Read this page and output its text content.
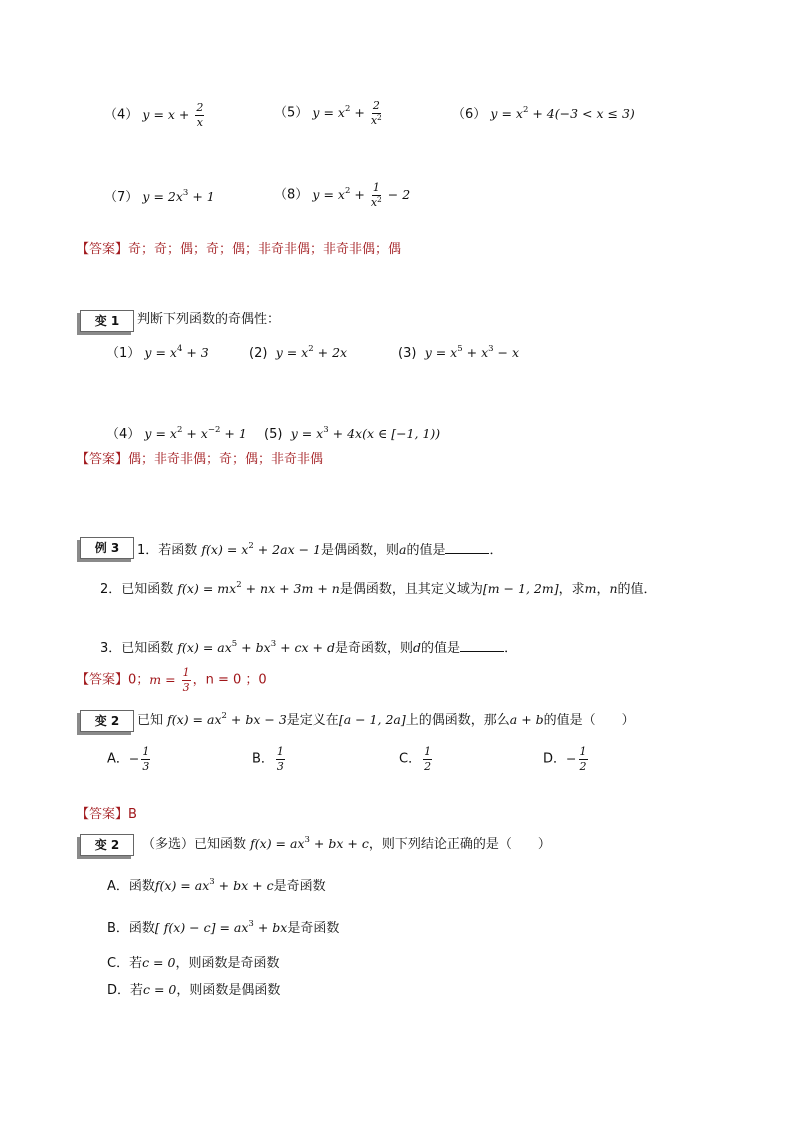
（4） $y = x + \frac{2}{x}$	（5） $y = x^2 + \frac{2}{x^2}$	（6） $y = x^2 + 4(-3 < x \le 3)$
（7） $y = 2x^3 + 1$	（8） $y = x^2 + \frac{1}{x^2} - 2$
【答案】奇；奇；偶；奇；偶；非奇非偶；非奇非偶；偶
变 1	判断下列函数的奇偶性：
（1） $y = x^4 + 3$	(2) $y = x^2 + 2x$	(3) $y = x^5 + x^3 - x$
（4） $y = x^2 + x^{-2} + 1$ (5) $y = x^3 + 4x(x$ ∈ [−1, 1))
【答案】偶；非奇非偶；奇；偶；非奇非偶
例 3	1．若函数 $f(x) = x^2 + 2ax - 1$是偶函数，则a的值是	．
2．已知函数 $f(x) = mx^2$ + nx + 3m + n是偶函数，且其定义域为[m − 1, 2m]，求m，n的值．
3．已知函数 $f(x) = ax^5 + bx^3$ + cx + d是奇函数，则d的值是	．
【答案】0；$m = \frac{1}{3}$ ，n = 0 ；0
变 2	已知 $f(x) = ax^2$ + bx − 3是定义在[a − 1, 2a]上的偶函数，那么a + b的值是（　　）
A．− $\frac{1}{3}$	B． $\frac{1}{3}$	C． $\frac{1}{2}$	D．− $\frac{1}{2}$
【答案】B
变 2	（多选）已知函数 $f(x) = ax^3$ + bx + c，则下列结论正确的是（　　）
A．函数$f(x) = ax^3$ + bx + c是奇函数
B．函数[ $f(x) - c] = ax^3$ + bx是奇函数
C．若c = 0，则函数是奇函数
D．若c = 0，则函数是偶函数
